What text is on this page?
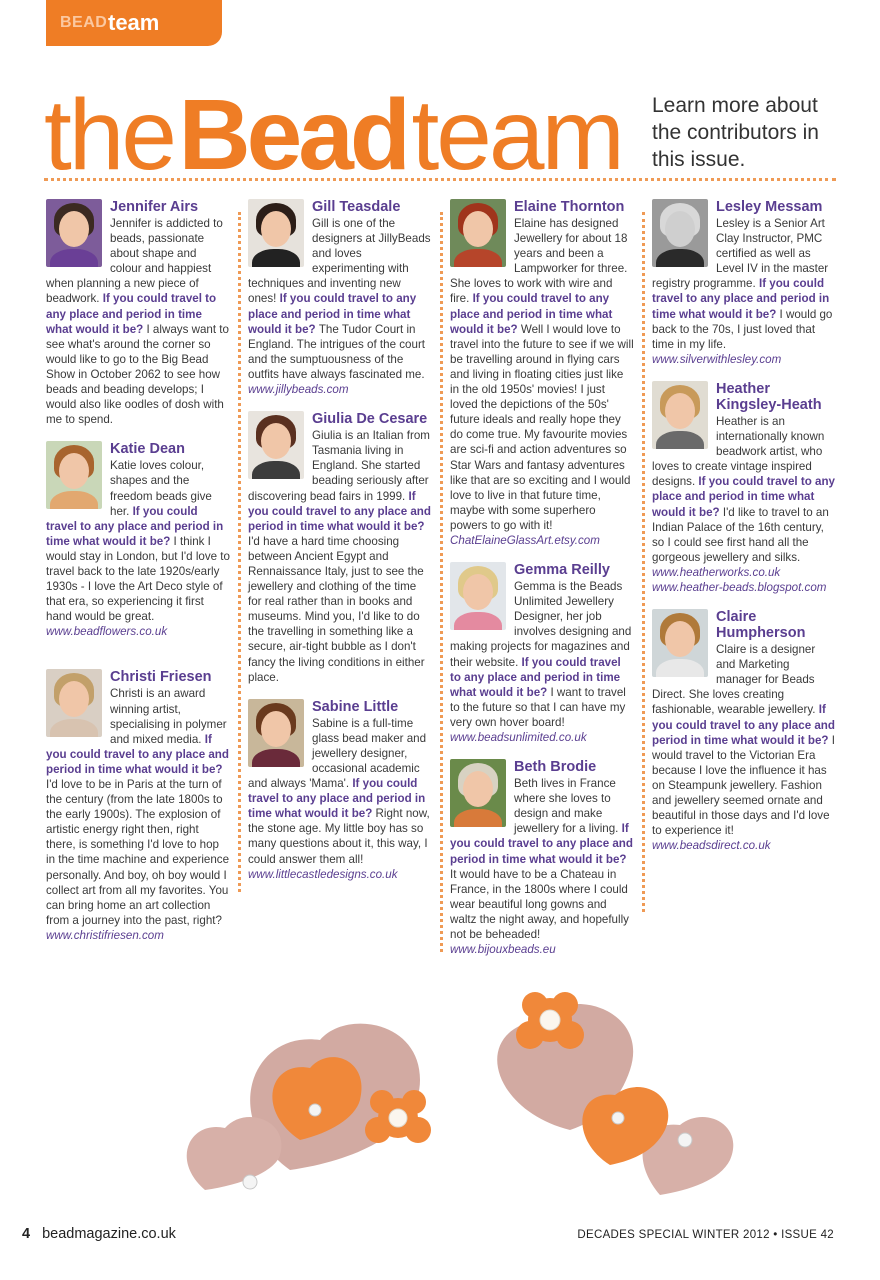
BEAD team
the Bead team Learn more about the contributors in this issue.
Jennifer Airs
Jennifer is addicted to beads, passionate about shape and colour and happiest when planning a new piece of beadwork. If you could travel to any place and period in time what would it be? I always want to see what's around the corner so would like to go to the Big Bead Show in October 2062 to see how beads and beading develops; I would also like oodles of dosh with me to spend.
Katie Dean
Katie loves colour, shapes and the freedom beads give her. If you could travel to any place and period in time what would it be? I think I would stay in London, but I'd love to travel back to the late 1920s/early 1930s - I love the Art Deco style of that era, so experiencing it first hand would be great.
www.beadflowers.co.uk
Christi Friesen
Christi is an award winning artist, specialising in polymer and mixed media. If you could travel to any place and period in time what would it be? I'd love to be in Paris at the turn of the century (from the late 1800s to the early 1900s). The explosion of artistic energy right then, right there, is something I'd love to hop in the time machine and experience personally. And boy, oh boy would I collect art from all my favorites. You can bring home an art collection from a journey into the past, right?
www.christifriesen.com
Gill Teasdale
Gill is one of the designers at JillyBeads and loves experimenting with techniques and inventing new ones! If you could travel to any place and period in time what would it be? The Tudor Court in England. The intrigues of the court and the sumptuousness of the outfits have always fascinated me.
www.jillybeads.com
Giulia De Cesare
Giulia is an Italian from Tasmania living in England. She started beading seriously after discovering bead fairs in 1999. If you could travel to any place and period in time what would it be? I'd have a hard time choosing between Ancient Egypt and Rennaissance Italy, just to see the jewellery and clothing of the time for real rather than in books and museums. Mind you, I'd like to do the travelling in something like a secure, air-tight bubble as I don't fancy the living conditions in either place.
Sabine Little
Sabine is a full-time glass bead maker and jewellery designer, occasional academic and always 'Mama'. If you could travel to any place and period in time what would it be? Right now, the stone age. My little boy has so many questions about it, this way, I could answer them all!
www.littlecastledesigns.co.uk
Elaine Thornton
Elaine has designed Jewellery for about 18 years and been a Lampworker for three. She loves to work with wire and fire. If you could travel to any place and period in time what would it be? Well I would love to travel into the future to see if we will be travelling around in flying cars and living in floating cities just like in the old 1950s' movies! I just loved the depictions of the 50s' future ideals and really hope they do come true. My favourite movies are sci-fi and action adventures so Star Wars and fantasy adventures like that are so exciting and I would love to live in that future time, maybe with some superhero powers to go with it!
ChatElaineGlassArt.etsy.com
Gemma Reilly
Gemma is the Beads Unlimited Jewellery Designer, her job involves designing and making projects for magazines and their website. If you could travel to any place and period in time what would it be? I want to travel to the future so that I can have my very own hover board!
www.beadsunlimited.co.uk
Beth Brodie
Beth lives in France where she loves to design and make jewellery for a living. If you could travel to any place and period in time what would it be? It would have to be a Chateau in France, in the 1800s where I could wear beautiful long gowns and waltz the night away, and hopefully not be beheaded!
www.bijouxbeads.eu
Lesley Messam
Lesley is a Senior Art Clay Instructor, PMC certified as well as Level IV in the master registry programme. If you could travel to any place and period in time what would it be? I would go back to the 70s, I just loved that time in my life.
www.silverwithlesley.com
Heather Kingsley-Heath
Heather is an internationally known beadwork artist, who loves to create vintage inspired designs. If you could travel to any place and period in time what would it be? I'd like to travel to an Indian Palace of the 16th century, so I could see first hand all the gorgeous jewellery and silks.
www.heatherworks.co.uk
www.heather-beads.blogspot.com
Claire Humpherson
Claire is a designer and Marketing manager for Beads Direct. She loves creating fashionable, wearable jewellery. If you could travel to any place and period in time what would it be? I would travel to the Victorian Era because I love the influence it has on Steampunk jewellery. Fashion and jewellery seemed ornate and beautiful in those days and I'd love to experience it!
www.beadsdirect.co.uk
4 beadmagazine.co.uk	DECADES SPECIAL WINTER 2012 • ISSUE 42
